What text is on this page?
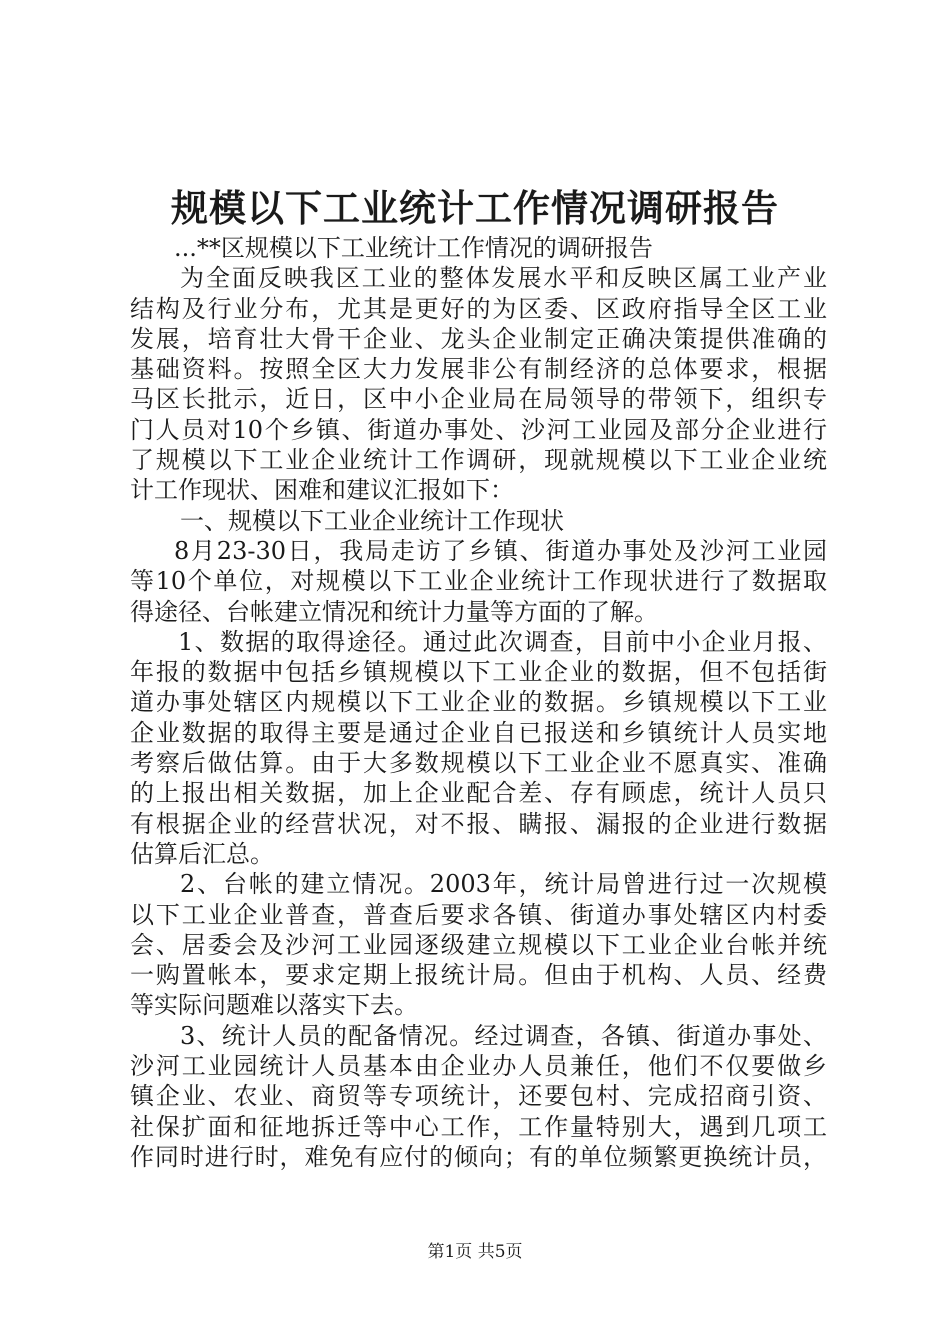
规模以下工业统计工作情况调研报告
...**区规模以下工业统计工作情况的调研报告
为全面反映我区工业的整体发展水平和反映区属工业产业
结构及行业分布，尤其是更好的为区委、区政府指导全区工业
发展，培育壮大骨干企业、龙头企业制定正确决策提供准确的
基础资料。按照全区大力发展非公有制经济的总体要求，根据
马区长批示，近日，区中小企业局在局领导的带领下，组织专
门人员对10个乡镇、街道办事处、沙河工业园及部分企业进行
了规模以下工业企业统计工作调研，现就规模以下工业企业统
计工作现状、困难和建议汇报如下：
一、规模以下工业企业统计工作现状
8月23-30日，我局走访了乡镇、街道办事处及沙河工业园
等10个单位，对规模以下工业企业统计工作现状进行了数据取
得途径、台帐建立情况和统计力量等方面的了解。
1、数据的取得途径。通过此次调查，目前中小企业月报、
年报的数据中包括乡镇规模以下工业企业的数据，但不包括街
道办事处辖区内规模以下工业企业的数据。乡镇规模以下工业
企业数据的取得主要是通过企业自已报送和乡镇统计人员实地
考察后做估算。由于大多数规模以下工业企业不愿真实、准确
的上报出相关数据，加上企业配合差、存有顾虑，统计人员只
有根据企业的经营状况，对不报、瞒报、漏报的企业进行数据
估算后汇总。
2、台帐的建立情况。2003年，统计局曾进行过一次规模
以下工业企业普查，普查后要求各镇、街道办事处辖区内村委
会、居委会及沙河工业园逐级建立规模以下工业企业台帐并统
一购置帐本，要求定期上报统计局。但由于机构、人员、经费
等实际问题难以落实下去。
3、统计人员的配备情况。经过调查，各镇、街道办事处、
沙河工业园统计人员基本由企业办人员兼任，他们不仅要做乡
镇企业、农业、商贸等专项统计，还要包村、完成招商引资、
社保扩面和征地拆迁等中心工作，工作量特别大，遇到几项工
作同时进行时，难免有应付的倾向；有的单位频繁更换统计员，
第1页 共5页
